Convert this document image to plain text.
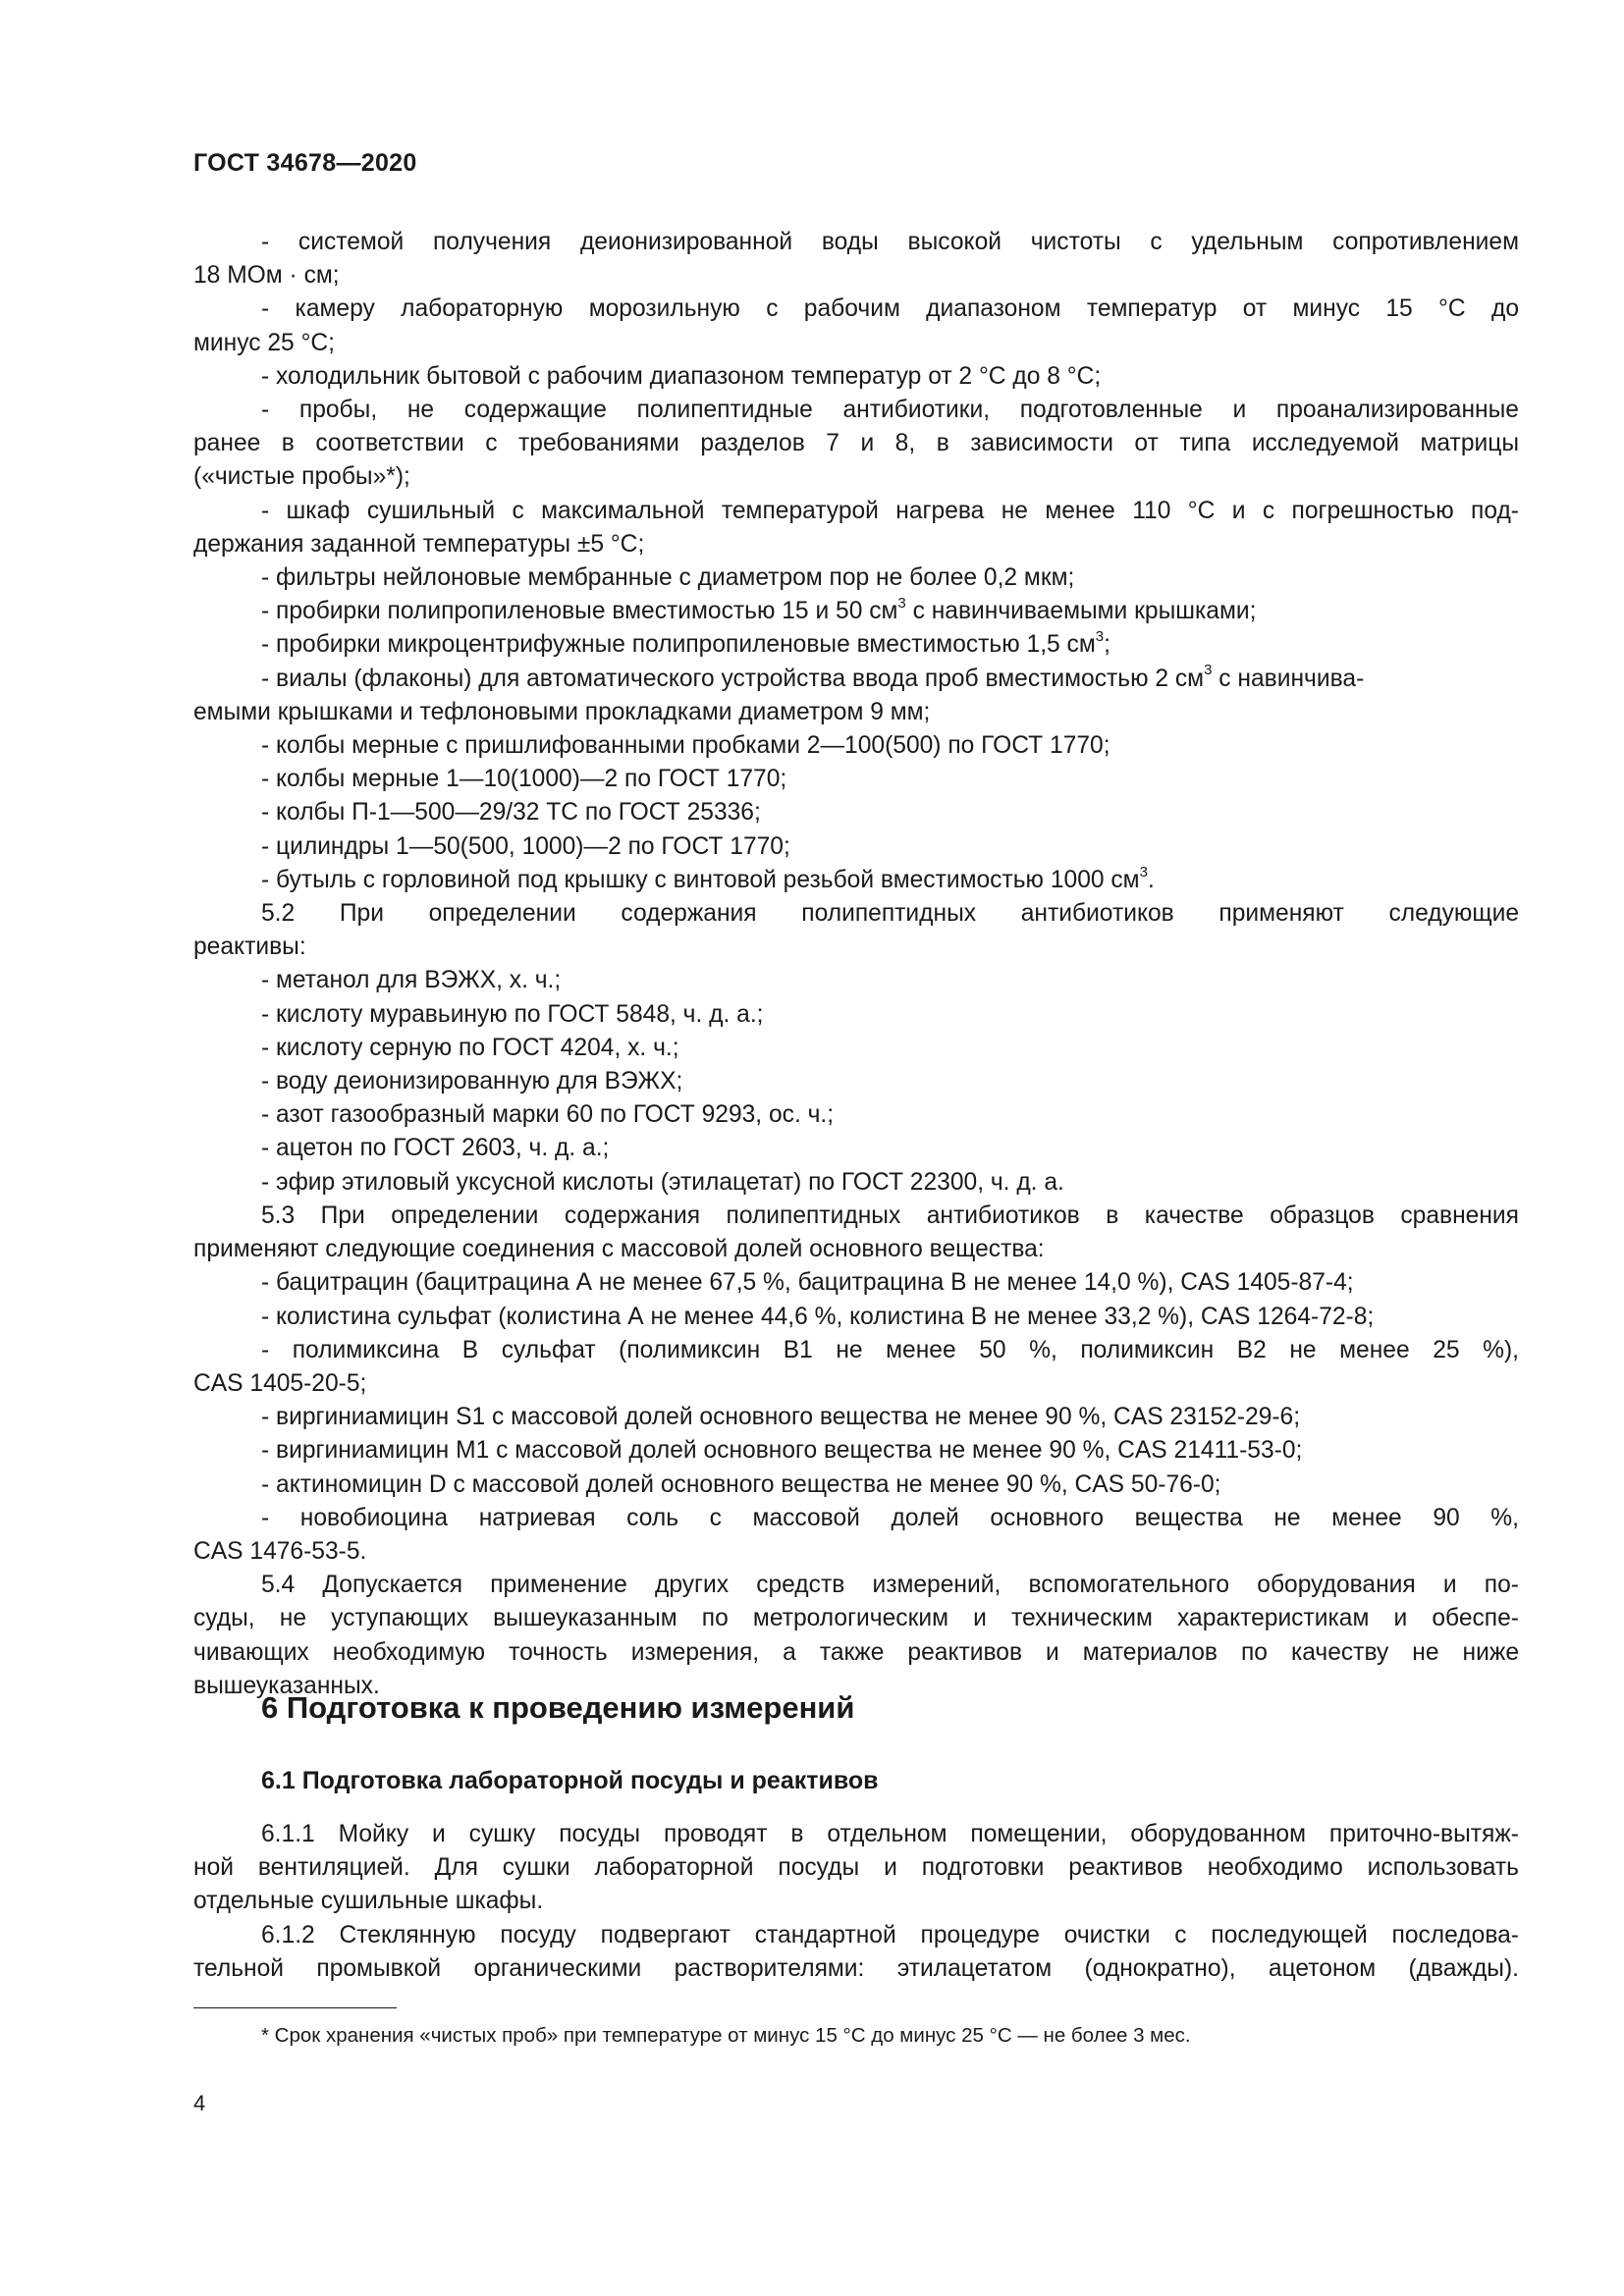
ГОСТ 34678—2020
- системой получения деионизированной воды высокой чистоты с удельным сопротивлением
18 МОм · см;
- камеру лабораторную морозильную с рабочим диапазоном температур от минус 15 °С до
минус 25 °С;
- холодильник бытовой с рабочим диапазоном температур от 2 °С до 8 °С;
- пробы, не содержащие полипептидные антибиотики, подготовленные и проанализированные
ранее в соответствии с требованиями разделов 7 и 8, в зависимости от типа исследуемой матрицы
(«чистые пробы»*);
- шкаф сушильный с максимальной температурой нагрева не менее 110 °С и с погрешностью под-
держания заданной температуры ±5 °С;
- фильтры нейлоновые мембранные с диаметром пор не более 0,2 мкм;
- пробирки полипропиленовые вместимостью 15 и 50 $см^3$ с навинчиваемыми крышками;
- пробирки микроцентрифужные полипропиленовые вместимостью 1,5 $см^3$;
- виалы (флаконы) для автоматического устройства ввода проб вместимостью 2 $см^3$ с навинчива-
емыми крышками и тефлоновыми прокладками диаметром 9 мм;
- колбы мерные с пришлифованными пробками 2—100(500) по ГОСТ 1770;
- колбы мерные 1—10(1000)—2 по ГОСТ 1770;
- колбы П-1—500—29/32 ТС по ГОСТ 25336;
- цилиндры 1—50(500, 1000)—2 по ГОСТ 1770;
- бутыль с горловиной под крышку с винтовой резьбой вместимостью 1000 $см^3$.
5.2 При определении содержания полипептидных антибиотиков применяют следующие
реактивы:
- метанол для ВЭЖХ, х. ч.;
- кислоту муравьиную по ГОСТ 5848, ч. д. а.;
- кислоту серную по ГОСТ 4204, х. ч.;
- воду деионизированную для ВЭЖХ;
- азот газообразный марки 60 по ГОСТ 9293, ос. ч.;
- ацетон по ГОСТ 2603, ч. д. а.;
- эфир этиловый уксусной кислоты (этилацетат) по ГОСТ 22300, ч. д. а.
5.3 При определении содержания полипептидных антибиотиков в качестве образцов сравнения
применяют следующие соединения с массовой долей основного вещества:
- бацитрацин (бацитрацина А не менее 67,5 %, бацитрацина В не менее 14,0 %), CAS 1405-87-4;
- колистина сульфат (колистина А не менее 44,6 %, колистина В не менее 33,2 %), CAS 1264-72-8;
- полимиксина В сульфат (полимиксин В1 не менее 50 %, полимиксин В2 не менее 25 %),
CAS 1405-20-5;
- виргиниамицин S1 с массовой долей основного вещества не менее 90 %, CAS 23152-29-6;
- виргиниамицин М1 с массовой долей основного вещества не менее 90 %, CAS 21411-53-0;
- актиномицин D с массовой долей основного вещества не менее 90 %, CAS 50-76-0;
- новобиоцина натриевая соль с массовой долей основного вещества не менее 90 %,
CAS 1476-53-5.
5.4 Допускается применение других средств измерений, вспомогательного оборудования и по-
суды, не уступающих вышеуказанным по метрологическим и техническим характеристикам и обеспе-
чивающих необходимую точность измерения, а также реактивов и материалов по качеству не ниже
вышеуказанных.
6 Подготовка к проведению измерений
6.1 Подготовка лабораторной посуды и реактивов
6.1.1 Мойку и сушку посуды проводят в отдельном помещении, оборудованном приточно-вытяж-
ной вентиляцией. Для сушки лабораторной посуды и подготовки реактивов необходимо использовать
отдельные сушильные шкафы.
6.1.2 Стеклянную посуду подвергают стандартной процедуре очистки с последующей последова-
тельной промывкой органическими растворителями: этилацетатом (однократно), ацетоном (дважды).
* Срок хранения «чистых проб» при температуре от минус 15 °С до минус 25 °С — не более 3 мес.
4
